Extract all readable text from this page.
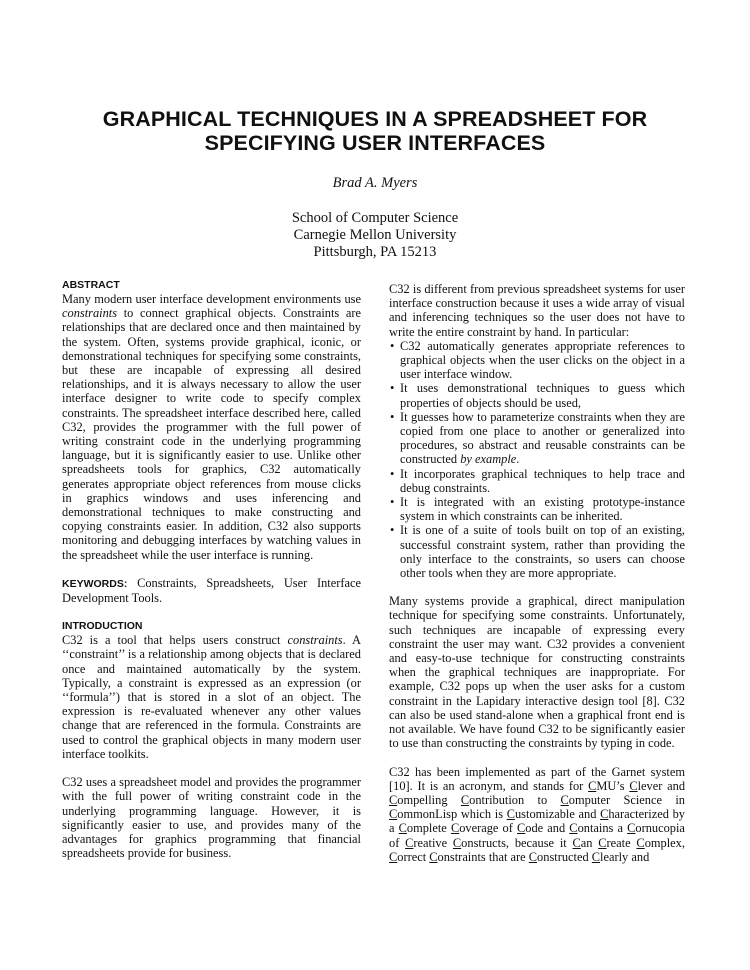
GRAPHICAL TECHNIQUES IN A SPREADSHEET FOR
SPECIFYING USER INTERFACES
Brad A. Myers
School of Computer Science
Carnegie Mellon University
Pittsburgh, PA 15213
ABSTRACT

Many modern user interface development environments use constraints to connect graphical objects. Constraints are relationships that are declared once and then maintained by the system. Often, systems provide graphical, iconic, or demonstrational techniques for specifying some constraints, but these are incapable of expressing all desired relationships, and it is always necessary to allow the user interface designer to write code to specify complex constraints. The spreadsheet interface described here, called C32, provides the programmer with the full power of writing constraint code in the underlying programming language, but it is significantly easier to use. Unlike other spreadsheets tools for graphics, C32 automatically generates appropriate object references from mouse clicks in graphics windows and uses inferencing and demonstrational techniques to make constructing and copying constraints easier. In addition, C32 also supports monitoring and debugging interfaces by watching values in the spreadsheet while the user interface is running.

KEYWORDS: Constraints, Spreadsheets, User Interface Development Tools.

INTRODUCTION

C32 is a tool that helps users construct constraints. A ‘‘constraint’’ is a relationship among objects that is declared once and maintained automatically by the system. Typically, a constraint is expressed as an expression (or ‘‘formula’’) that is stored in a slot of an object. The expression is re-evaluated whenever any other values change that are referenced in the formula. Constraints are used to control the graphical objects in many modern user interface toolkits.

C32 uses a spreadsheet model and provides the programmer with the full power of writing constraint code in the underlying programming language. However, it is significantly easier to use, and provides many of the advantages for graphics programming that financial spreadsheets provide for business.

C32 is different from previous spreadsheet systems for user interface construction because it uses a wide array of visual and inferencing techniques so the user does not have to write the entire constraint by hand. In particular:

• C32 automatically generates appropriate references to graphical objects when the user clicks on the object in a user interface window.
• It uses demonstrational techniques to guess which properties of objects should be used,
• It guesses how to parameterize constraints when they are copied from one place to another or generalized into procedures, so abstract and reusable constraints can be constructed by example.
• It incorporates graphical techniques to help trace and debug constraints.
• It is integrated with an existing prototype-instance system in which constraints can be inherited.
• It is one of a suite of tools built on top of an existing, successful constraint system, rather than providing the only interface to the constraints, so users can choose other tools when they are more appropriate.

Many systems provide a graphical, direct manipulation technique for specifying some constraints. Unfortunately, such techniques are incapable of expressing every constraint the user may want. C32 provides a convenient and easy-to-use technique for constructing constraints when the graphical techniques are inappropriate. For example, C32 pops up when the user asks for a custom constraint in the Lapidary interactive design tool [8]. C32 can also be used stand-alone when a graphical front end is not available. We have found C32 to be significantly easier to use than constructing the constraints by typing in code.

C32 has been implemented as part of the Garnet system [10]. It is an acronym, and stands for CMU’s Clever and Compelling Contribution to Computer Science in CommonLisp which is Customizable and Characterized by a Complete Coverage of Code and Contains a Cornucopia of Creative Constructs, because it Can Create Complex, Correct Constraints that are Constructed Clearly and
